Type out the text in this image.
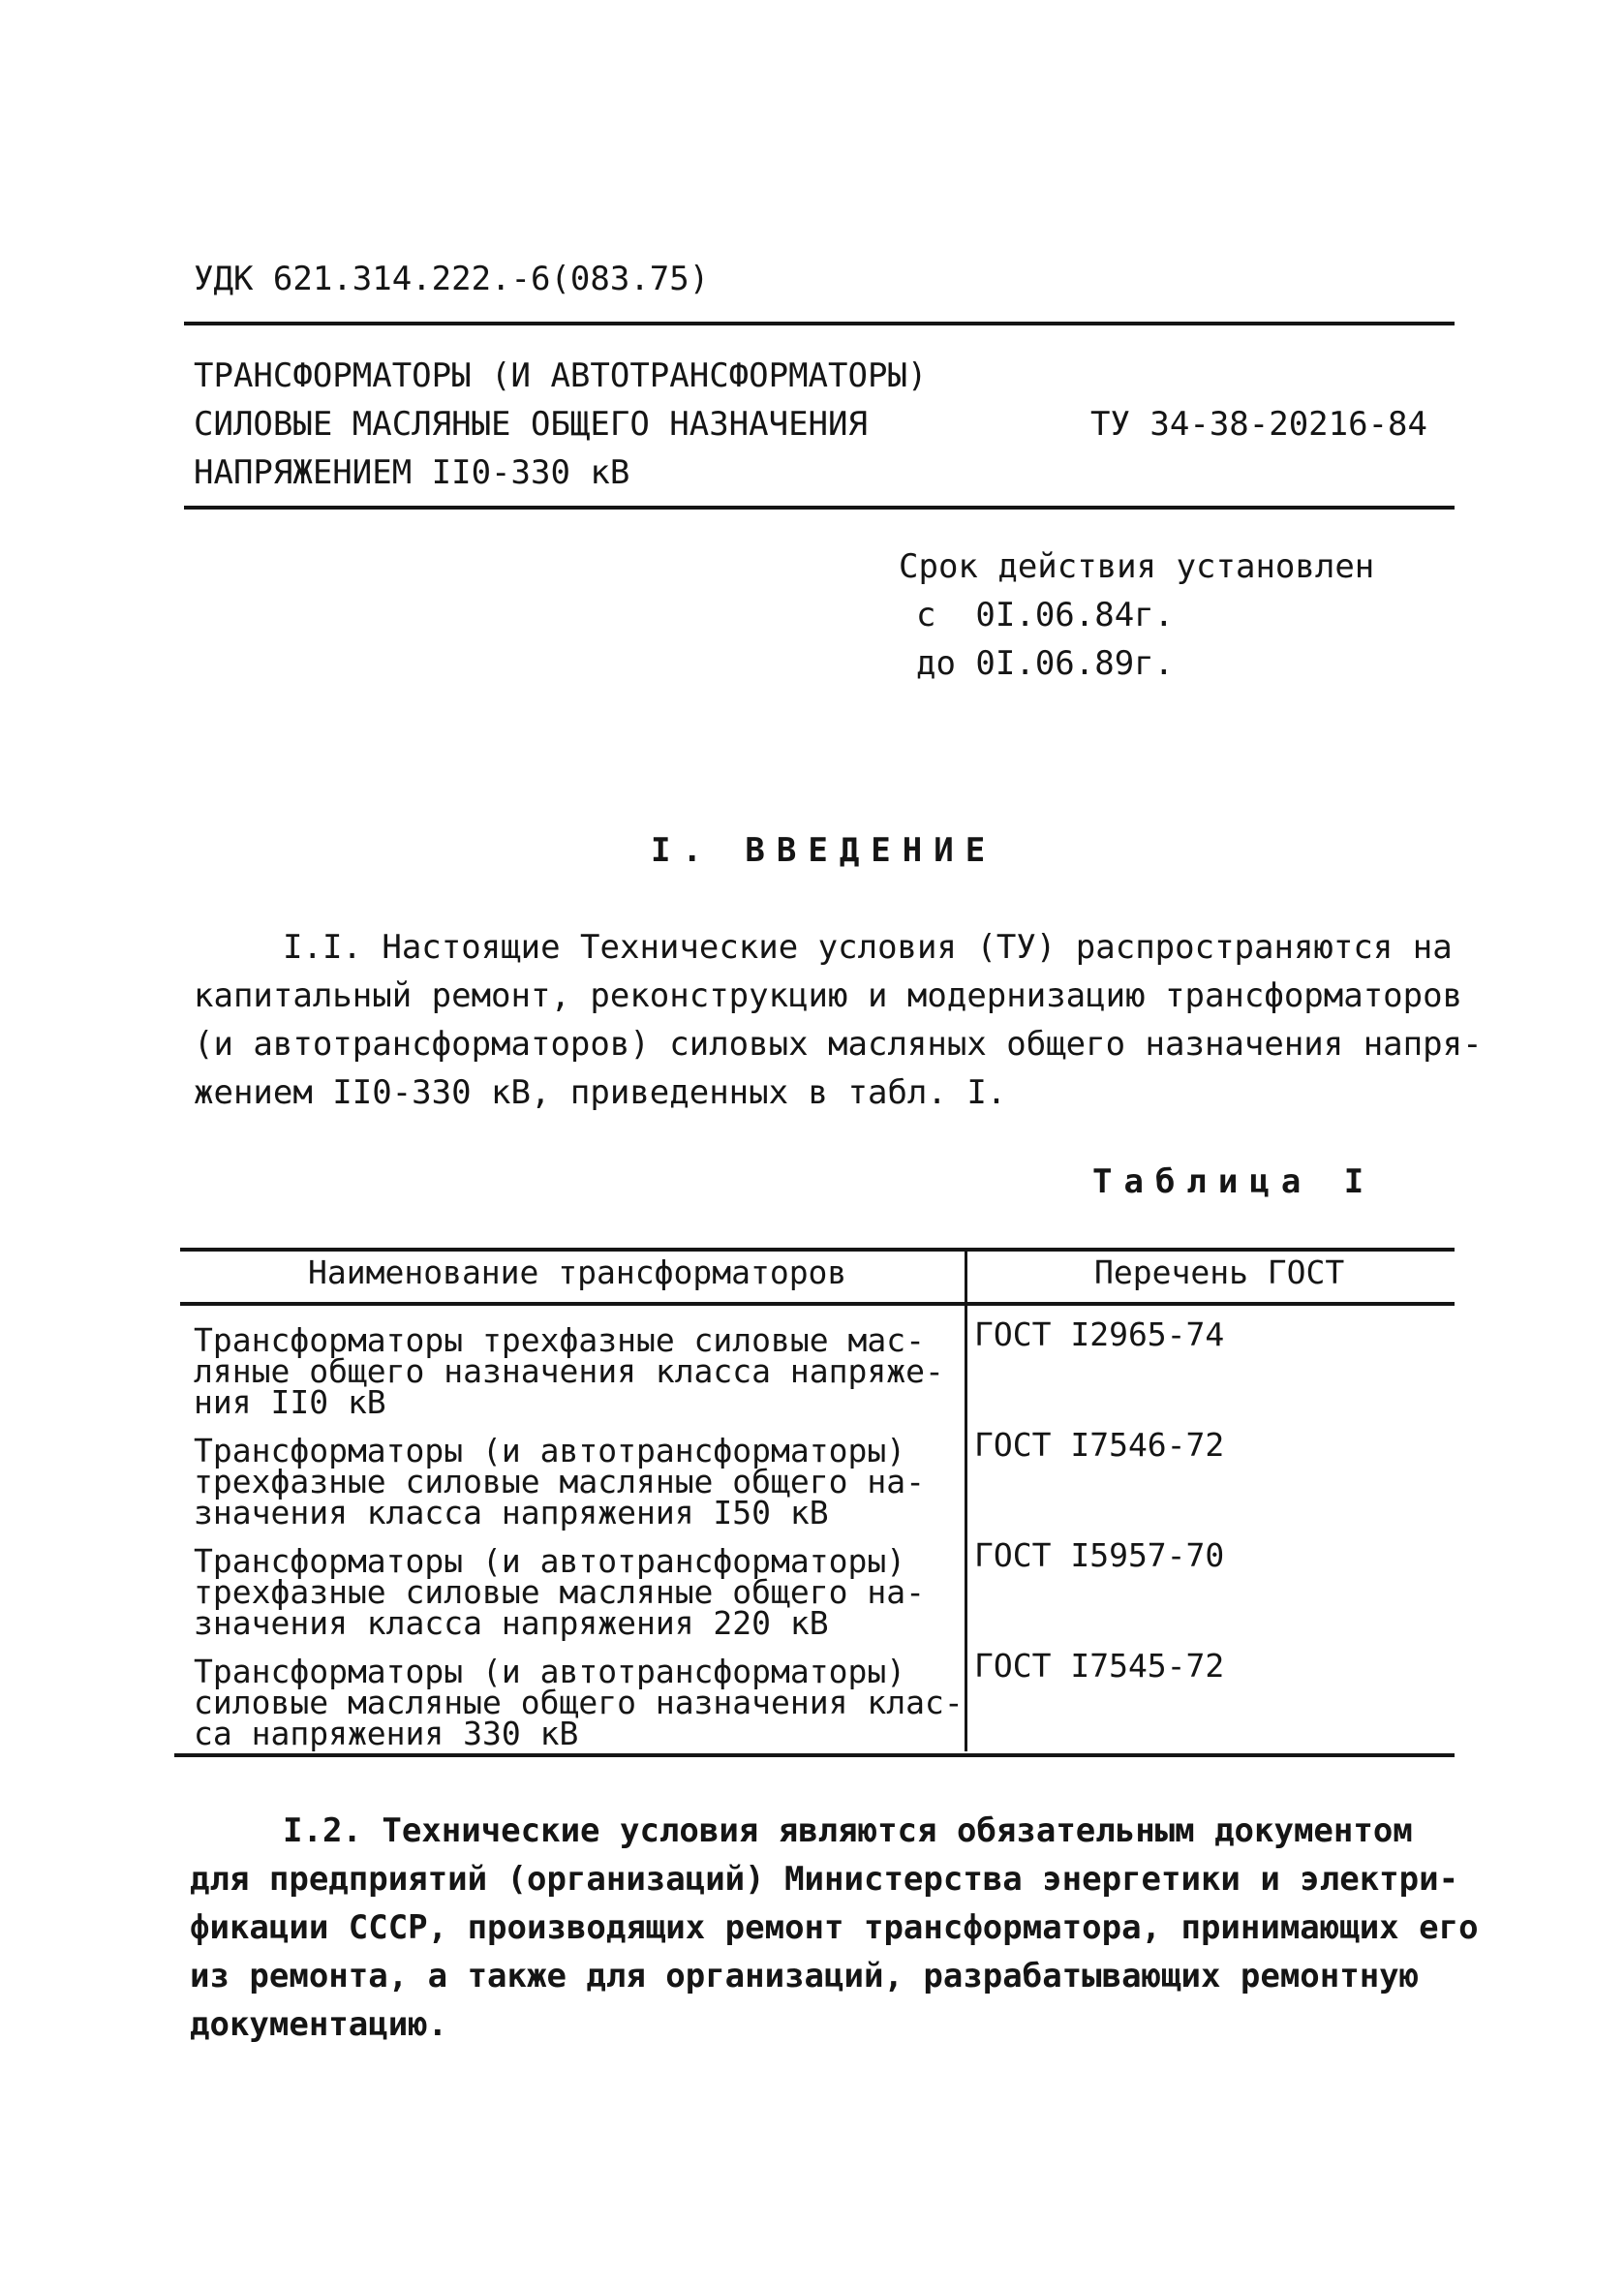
УДК 621.314.222.-6(083.75)
ТРАНСФОРМАТОРЫ (И АВТОТРАНСФОРМАТОРЫ)
СИЛОВЫЕ МАСЛЯНЫЕ ОБЩЕГО НАЗНАЧЕНИЯ
НАПРЯЖЕНИЕМ II0-330 кВ
ТУ 34-38-20216-84
Срок действия установлен
с  0I.06.84г.
до 0I.06.89г.
I. ВВЕДЕНИЕ
I.I. Настоящие Технические условия (ТУ) распространяются на
капитальный ремонт, реконструкцию и модернизацию трансформаторов
(и автотрансформаторов) силовых масляных общего назначения напря-
жением II0-330 кВ, приведенных в табл. I.
Таблица I
Наименование трансформаторов	Перечень ГОСТ
Трансформаторы трехфазные силовые мас-
ляные общего назначения класса напряже-
ния II0 кВ
ГОСТ I2965-74
Трансформаторы (и автотрансформаторы)
трехфазные силовые масляные общего на-
значения класса напряжения I50 кВ
ГОСТ I7546-72
Трансформаторы (и автотрансформаторы)
трехфазные силовые масляные общего на-
значения класса напряжения 220 кВ
ГОСТ I5957-70
Трансформаторы (и автотрансформаторы)
силовые масляные общего назначения клас-
са напряжения 330 кВ
ГОСТ I7545-72
I.2. Технические условия являются обязательным документом
для предприятий (организаций) Министерства энергетики и электри-
фикации СССР, производящих ремонт трансформатора, принимающих его
из ремонта, а также для организаций, разрабатывающих ремонтную
документацию.
